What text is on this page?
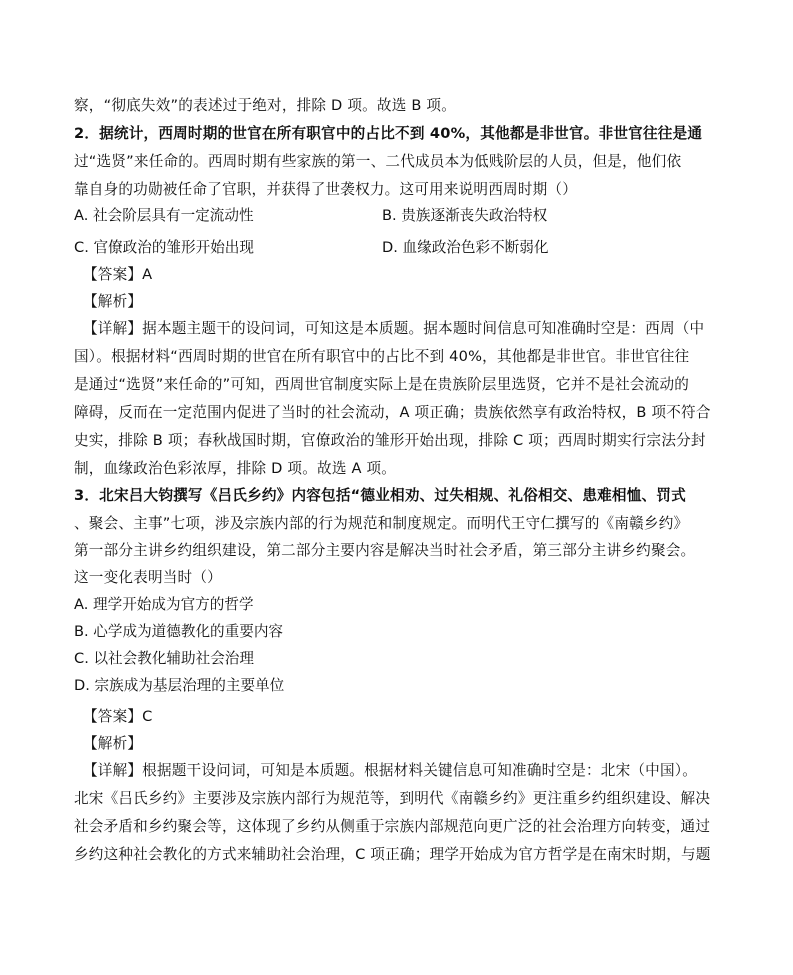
察，“彻底失效”的表述过于绝对，排除 D 项。故选 B 项。
2．据统计，西周时期的世官在所有职官中的占比不到 40%，其他都是非世官。非世官往往是通
过“选贤”来任命的。西周时期有些家族的第一、二代成员本为低贱阶层的人员，但是，他们依
靠自身的功勋被任命了官职，并获得了世袭权力。这可用来说明西周时期（）
A. 社会阶层具有一定流动性	B. 贵族逐渐丧失政治特权
C. 官僚政治的雏形开始出现	D. 血缘政治色彩不断弱化
【答案】A
【解析】
【详解】据本题主题干的设问词，可知这是本质题。据本题时间信息可知准确时空是：西周（中
国）。根据材料“西周时期的世官在所有职官中的占比不到 40%，其他都是非世官。非世官往往
是通过“选贤”来任命的”可知，西周世官制度实际上是在贵族阶层里选贤，它并不是社会流动的
障碍，反而在一定范围内促进了当时的社会流动，A 项正确；贵族依然享有政治特权，B 项不符合
史实，排除 B 项；春秋战国时期，官僚政治的雏形开始出现，排除 C 项；西周时期实行宗法分封
制，血缘政治色彩浓厚，排除 D 项。故选 A 项。
3．北宋吕大钧撰写《吕氏乡约》内容包括“德业相劝、过失相规、礼俗相交、患难相恤、罚式
、聚会、主事”七项，涉及宗族内部的行为规范和制度规定。而明代王守仁撰写的《南赣乡约》
第一部分主讲乡约组织建设，第二部分主要内容是解决当时社会矛盾，第三部分主讲乡约聚会。
这一变化表明当时（）
A. 理学开始成为官方的哲学
B. 心学成为道德教化的重要内容
C. 以社会教化辅助社会治理
D. 宗族成为基层治理的主要单位
【答案】C
【解析】
【详解】根据题干设问词，可知是本质题。根据材料关键信息可知准确时空是：北宋（中国）。
北宋《吕氏乡约》主要涉及宗族内部行为规范等，到明代《南赣乡约》更注重乡约组织建设、解决
社会矛盾和乡约聚会等，这体现了乡约从侧重于宗族内部规范向更广泛的社会治理方向转变，通过
乡约这种社会教化的方式来辅助社会治理，C 项正确；理学开始成为官方哲学是在南宋时期，与题
